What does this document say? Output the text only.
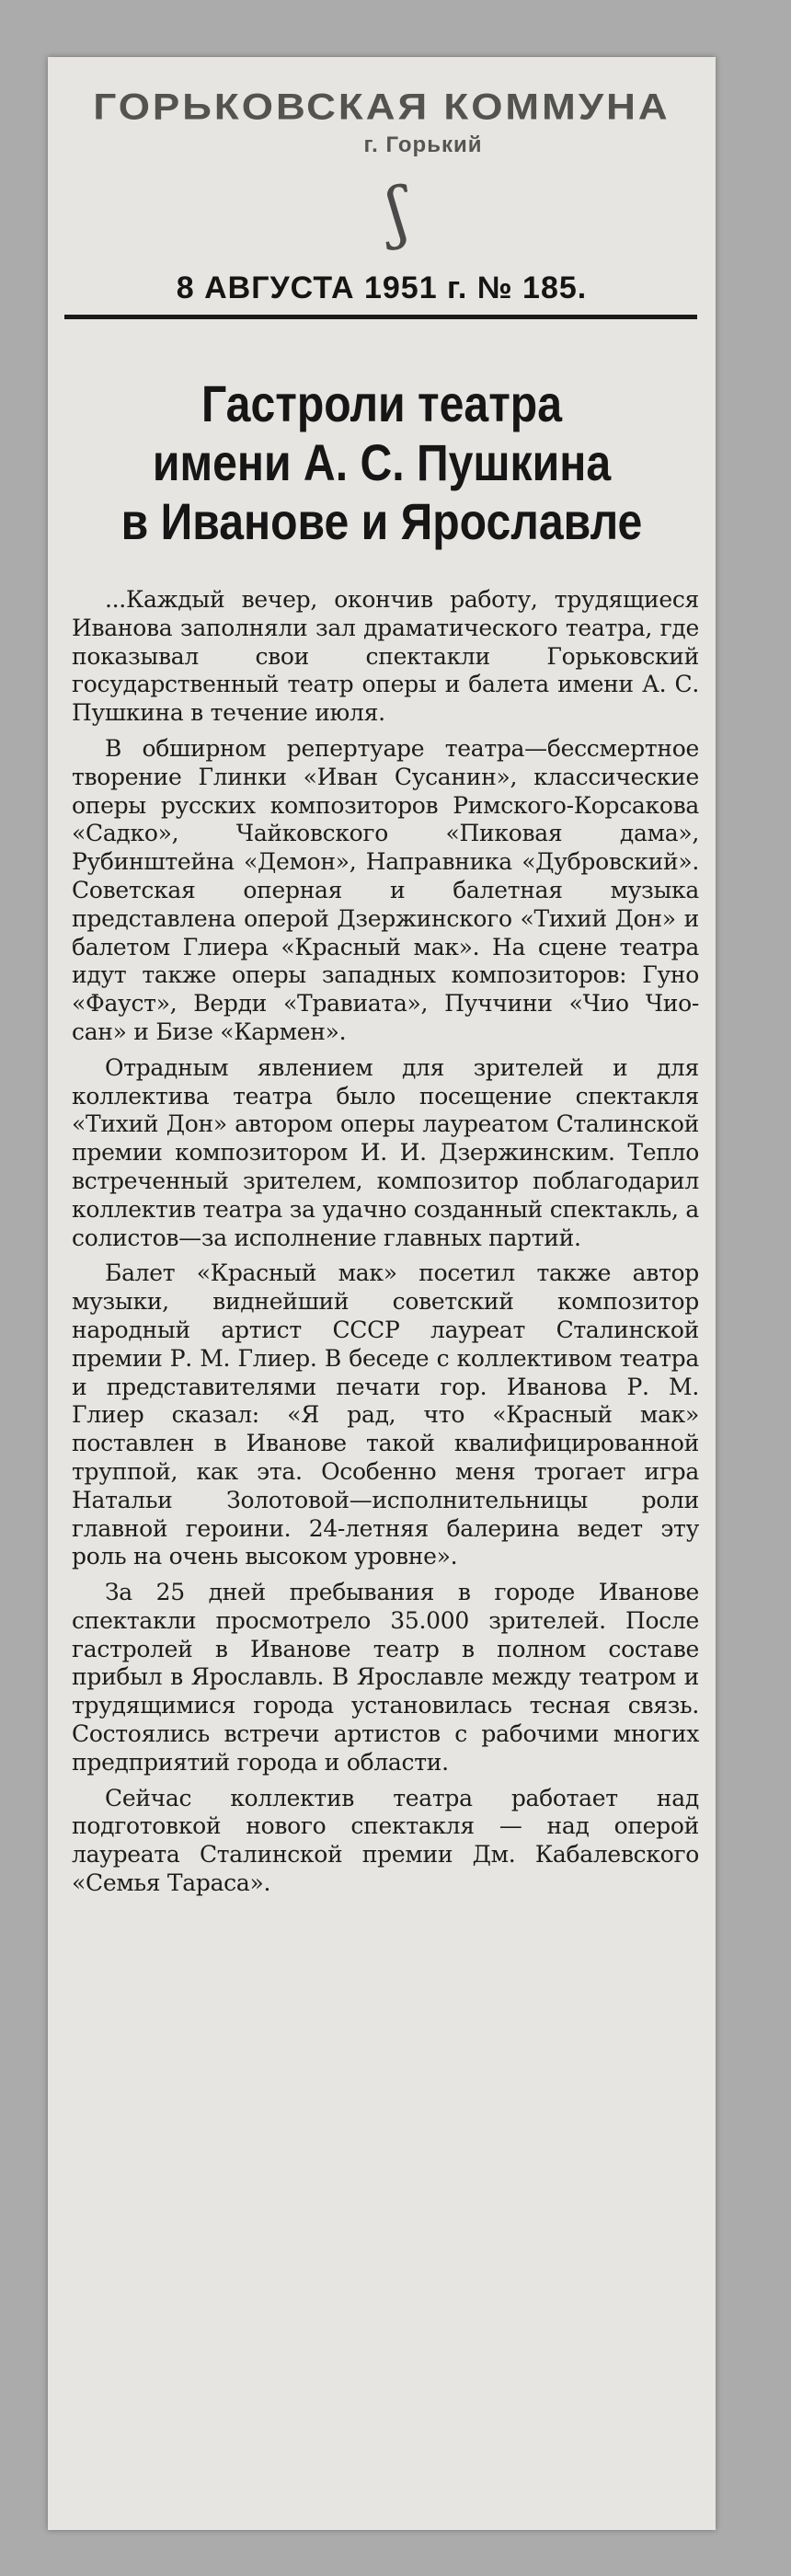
ГОРЬКОВСКАЯ КОММУНА
г. Горький
ʃ
8 АВГУСТА 1951 г. № 185.
Гастроли театра
имени А. С. Пушкина
в Иванове и Ярославле

...Каждый вечер, окончив работу, трудящиеся Иванова заполняли зал драматического театра, где показывал свои спектакли Горьковский государственный театр оперы и балета имени А. С. Пушкина в течение июля.

В обширном репертуаре театра—бессмертное творение Глинки «Иван Сусанин», классические оперы русских композиторов Римского-Корсакова «Садко», Чайковского «Пиковая дама», Рубинштейна «Демон», Направника «Дубровский». Советская оперная и балетная музыка представлена оперой Дзержинского «Тихий Дон» и балетом Глиера «Красный мак». На сцене театра идут также оперы западных композиторов: Гуно «Фауст», Верди «Травиата», Пуччини «Чио Чио-сан» и Бизе «Кармен».

Отрадным явлением для зрителей и для коллектива театра было посещение спектакля «Тихий Дон» автором оперы лауреатом Сталинской премии композитором И. И. Дзержинским. Тепло встреченный зрителем, композитор поблагодарил коллектив театра за удачно созданный спектакль, а солистов—за исполнение главных партий.

Балет «Красный мак» посетил также автор музыки, виднейший советский композитор народный артист СССР лауреат Сталинской премии Р. М. Глиер. В беседе с коллективом театра и представителями печати гор. Иванова Р. М. Глиер сказал: «Я рад, что «Красный мак» поставлен в Иванове такой квалифицированной труппой, как эта. Особенно меня трогает игра Натальи Золотовой—исполнительницы роли главной героини. 24-летняя балерина ведет эту роль на очень высоком уровне».

За 25 дней пребывания в городе Иванове спектакли просмотрело 35.000 зрителей. После гастролей в Иванове театр в полном составе прибыл в Ярославль. В Ярославле между театром и трудящимися города установилась тесная связь. Состоялись встречи артистов с рабочими многих предприятий города и области.

Сейчас коллектив театра работает над подготовкой нового спектакля — над оперой лауреата Сталинской премии Дм. Кабалевского «Семья Тараса».
